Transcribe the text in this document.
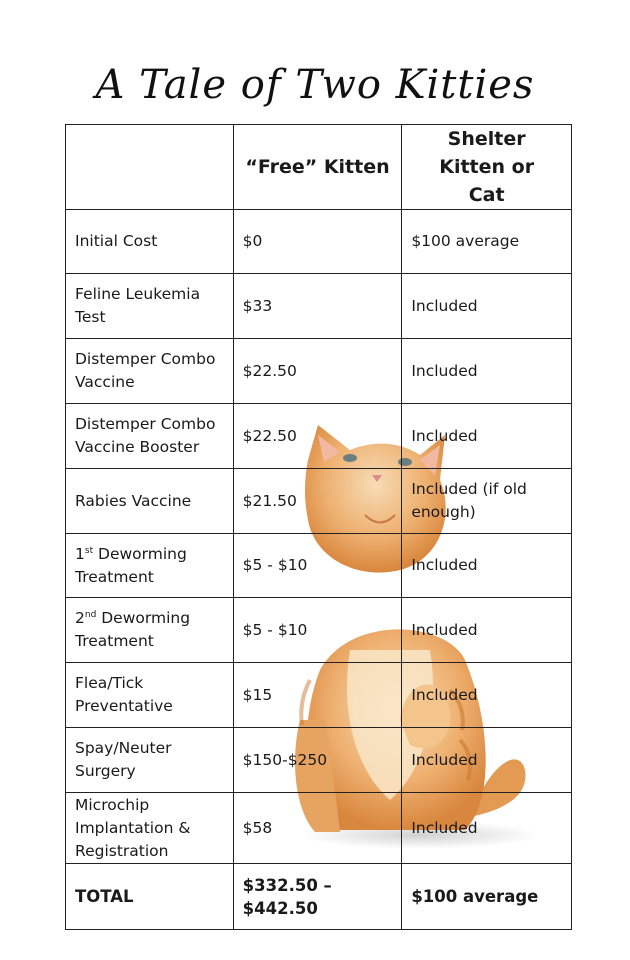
A Tale of Two Kitties
	“Free” Kitten	Shelter Kitten or Cat
Initial Cost	$0	$100 average
Feline Leukemia Test	$33	Included
Distemper Combo Vaccine	$22.50	Included
Distemper Combo Vaccine Booster	$22.50	Included
Rabies Vaccine	$21.50	Included (if old enough)
1st Deworming Treatment	$5 - $10	Included
2nd Deworming Treatment	$5 - $10	Included
Flea/Tick Preventative	$15	Included
Spay/Neuter Surgery	$150-$250	Included
Microchip Implantation & Registration	$58	Included
TOTAL	$332.50 – $442.50	$100 average
